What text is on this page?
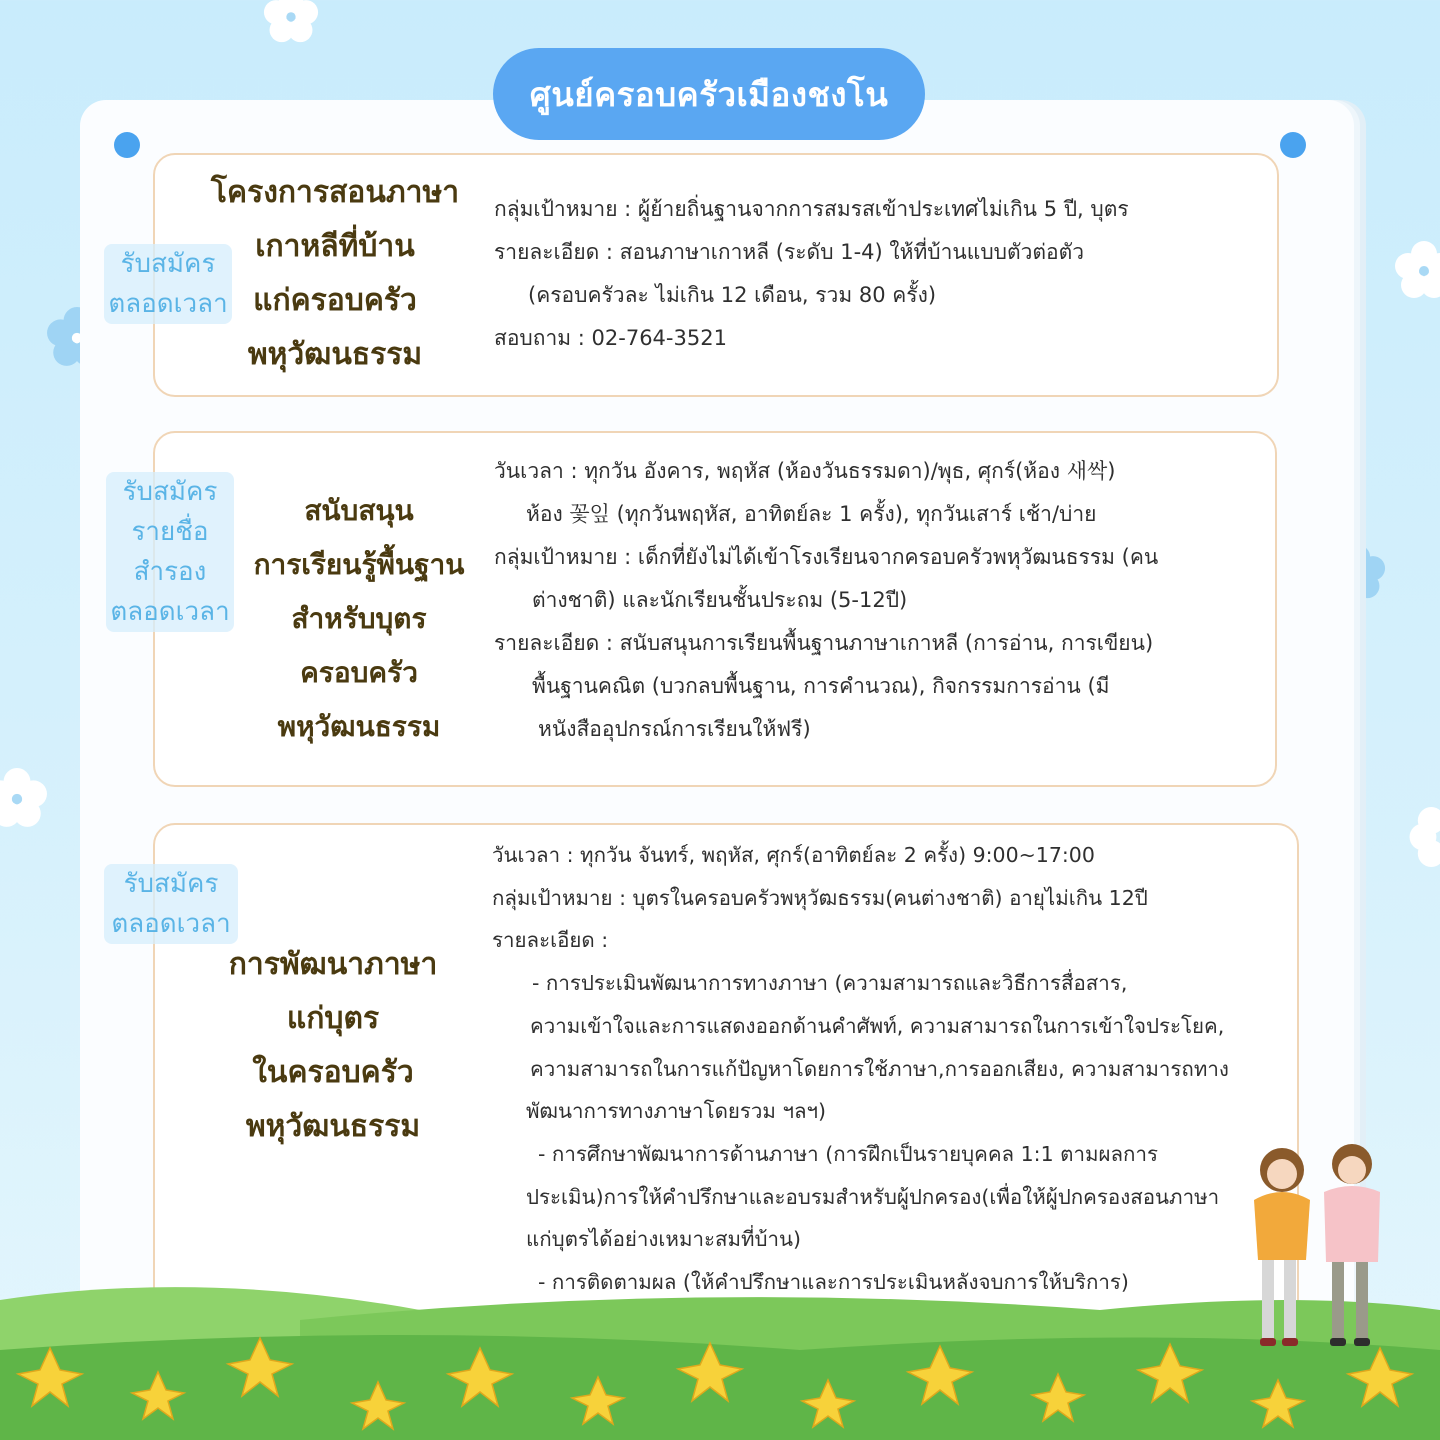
ศูนย์ครอบครัวเมืองชงโน
โครงการสอนภาษา
เกาหลีที่บ้าน
แก่ครอบครัว
พหุวัฒนธรรม
รับสมัคร
ตลอดเวลา
กลุ่มเป้าหมาย : ผู้ย้ายถิ่นฐานจากการสมรสเข้าประเทศไม่เกิน 5 ปี, บุตร
รายละเอียด : สอนภาษาเกาหลี (ระดับ 1-4) ให้ที่บ้านแบบตัวต่อตัว
(ครอบครัวละ ไม่เกิน 12 เดือน, รวม 80 ครั้ง)
สอบถาม : 02-764-3521
สนับสนุน
การเรียนรู้พื้นฐาน
สำหรับบุตร
ครอบครัว
พหุวัฒนธรรม
รับสมัคร
รายชื่อ
สำรอง
ตลอดเวลา
วันเวลา : ทุกวัน อังคาร, พฤหัส (ห้องวันธรรมดา)/พุธ, ศุกร์(ห้อง 새싹)
ห้อง 꽃잎 (ทุกวันพฤหัส, อาทิตย์ละ 1 ครั้ง), ทุกวันเสาร์ เช้า/บ่าย
กลุ่มเป้าหมาย : เด็กที่ยังไม่ได้เข้าโรงเรียนจากครอบครัวพหุวัฒนธรรม (คน
ต่างชาติ) และนักเรียนชั้นประถม (5-12ปี)
รายละเอียด : สนับสนุนการเรียนพื้นฐานภาษาเกาหลี (การอ่าน, การเขียน)
พื้นฐานคณิต (บวกลบพื้นฐาน, การคำนวณ), กิจกรรมการอ่าน (มี
หนังสืออุปกรณ์การเรียนให้ฟรี)
การพัฒนาภาษา
แก่บุตร
ในครอบครัว
พหุวัฒนธรรม
รับสมัคร
ตลอดเวลา
วันเวลา : ทุกวัน จันทร์, พฤหัส, ศุกร์(อาทิตย์ละ 2 ครั้ง) 9:00~17:00
กลุ่มเป้าหมาย : บุตรในครอบครัวพหุวัฒธรรม(คนต่างชาติ) อายุไม่เกิน 12ปี
รายละเอียด :
- การประเมินพัฒนาการทางภาษา (ความสามารถและวิธีการสื่อสาร,
ความเข้าใจและการแสดงออกด้านคำศัพท์, ความสามารถในการเข้าใจประโยค,
ความสามารถในการแก้ปัญหาโดยการใช้ภาษา,การออกเสียง, ความสามารถทาง
พัฒนาการทางภาษาโดยรวม ฯลฯ)
- การศึกษาพัฒนาการด้านภาษา (การฝึกเป็นรายบุคคล 1:1 ตามผลการ
ประเมิน)การให้คำปรึกษาและอบรมสำหรับผู้ปกครอง(เพื่อให้ผู้ปกครองสอนภาษา
แก่บุตรได้อย่างเหมาะสมที่บ้าน)
- การติดตามผล (ให้คำปรึกษาและการประเมินหลังจบการให้บริการ)
